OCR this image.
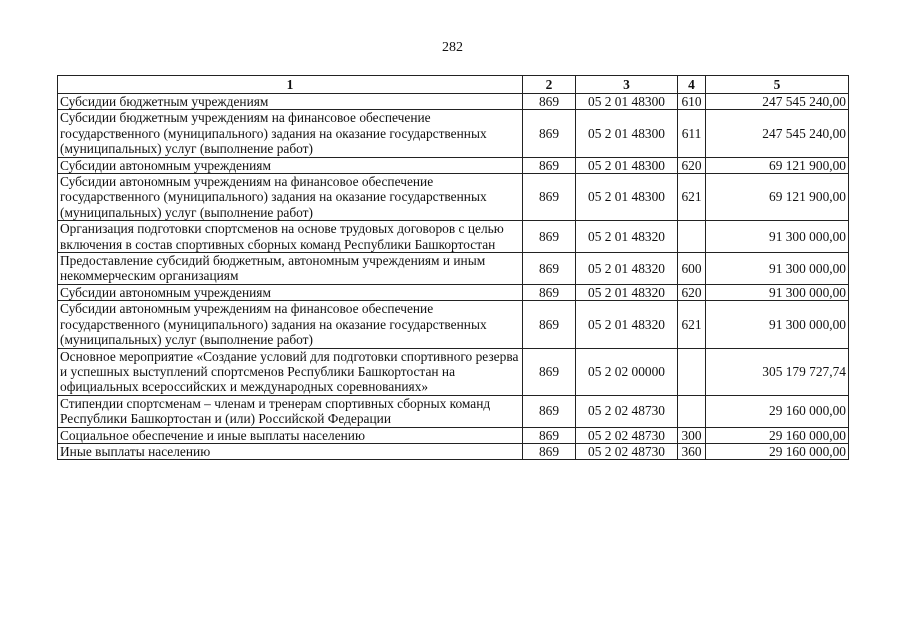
282
1	2	3	4	5
Субсидии бюджетным учреждениям	869	05 2 01 48300	610	247 545 240,00
Субсидии бюджетным учреждениям на финансовое обеспечение государственного (муниципального) задания на оказание государственных (муниципальных) услуг (выполнение работ)	869	05 2 01 48300	611	247 545 240,00
Субсидии автономным учреждениям	869	05 2 01 48300	620	69 121 900,00
Субсидии автономным учреждениям на финансовое обеспечение государственного (муниципального) задания на оказание государственных (муниципальных) услуг (выполнение работ)	869	05 2 01 48300	621	69 121 900,00
Организация подготовки спортсменов на основе трудовых договоров с целью включения в состав спортивных сборных команд Республики Башкортостан	869	05 2 01 48320		91 300 000,00
Предоставление субсидий бюджетным, автономным учреждениям и иным некоммерческим организациям	869	05 2 01 48320	600	91 300 000,00
Субсидии автономным учреждениям	869	05 2 01 48320	620	91 300 000,00
Субсидии автономным учреждениям на финансовое обеспечение государственного (муниципального) задания на оказание государственных (муниципальных) услуг (выполнение работ)	869	05 2 01 48320	621	91 300 000,00
Основное мероприятие «Создание условий для подготовки спортивного резерва и успешных выступлений спортсменов Республики Башкортостан на официальных всероссийских и международных соревнованиях»	869	05 2 02 00000		305 179 727,74
Стипендии спортсменам – членам и тренерам спортивных сборных команд Республики Башкортостан и (или) Российской Федерации	869	05 2 02 48730		29 160 000,00
Социальное обеспечение и иные выплаты населению	869	05 2 02 48730	300	29 160 000,00
Иные выплаты населению	869	05 2 02 48730	360	29 160 000,00
